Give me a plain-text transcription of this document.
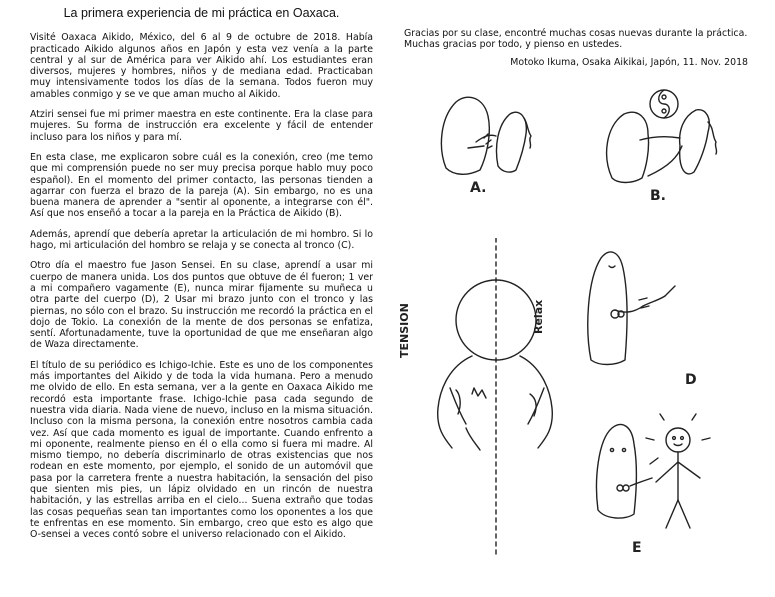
La primera experiencia de mi práctica en Oaxaca.

Visité Oaxaca Aikido, México, del 6 al 9 de octubre de 2018. Había practicado Aikido algunos años en Japón y esta vez venía a la parte central y al sur de América para ver Aikido ahí. Los estudiantes eran diversos, mujeres y hombres, niños y de mediana edad. Practicaban muy intensivamente todos los días de la semana. Todos fueron muy amables conmigo y se ve que aman mucho al Aikido.

Atziri sensei fue mi primer maestra en este continente. Era la clase para mujeres. Su forma de instrucción era excelente y fácil de entender incluso para los niños y para mí.

En esta clase, me explicaron sobre cuál es la conexión, creo (me temo que mi comprensión puede no ser muy precisa porque hablo muy poco español). En el momento del primer contacto, las personas tienden a agarrar con fuerza el brazo de la pareja (A). Sin embargo, no es una buena manera de aprender a "sentir al oponente, a integrarse con él". Así que nos enseñó a tocar a la pareja en la Práctica de Aikido (B).

Además, aprendí que debería apretar la articulación de mi hombro. Si lo hago, mi articulación del hombro se relaja y se conecta al tronco (C).

Otro día el maestro fue Jason Sensei. En su clase, aprendí a usar mi cuerpo de manera unida. Los dos puntos que obtuve de él fueron; 1 ver a mi compañero vagamente (E), nunca mirar fijamente su muñeca u otra parte del cuerpo (D), 2 Usar mi brazo junto con el tronco y las piernas, no sólo con el brazo. Su instrucción me recordó la práctica en el dojo de Tokio. La conexión de la mente de dos personas se enfatiza, sentí. Afortunadamente, tuve la oportunidad de que me enseñaran algo de Waza directamente.

El título de su periódico es Ichigo-Ichie. Este es uno de los componentes más importantes del Aikido y de toda la vida humana. Pero a menudo me olvido de ello. En esta semana, ver a la gente en Oaxaca Aikido me recordó esta importante frase. Ichigo-Ichie pasa cada segundo de nuestra vida diaria. Nada viene de nuevo, incluso en la misma situación. Incluso con la misma persona, la conexión entre nosotros cambia cada vez. Así que cada momento es igual de importante. Cuando enfrento a mi oponente, realmente pienso en él o ella como si fuera mi madre. Al mismo tiempo, no debería discriminarlo de otras existencias que nos rodean en este momento, por ejemplo, el sonido de un automóvil que pasa por la carretera frente a nuestra habitación, la sensación del piso que sienten mis pies, un lápiz olvidado en un rincón de nuestra habitación, y las estrellas arriba en el cielo... Suena extraño que todas las cosas pequeñas sean tan importantes como los oponentes a los que te enfrentas en ese momento. Sin embargo, creo que esto es algo que O-sensei a veces contó sobre el universo relacionado con el Aikido.

Gracias por su clase, encontré muchas cosas nuevas durante la práctica. Muchas gracias por todo, y pienso en ustedes.
Motoko Ikuma, Osaka Aikikai, Japón, 11. Nov. 2018
A.	B.
TENSION	Relax
D
E
